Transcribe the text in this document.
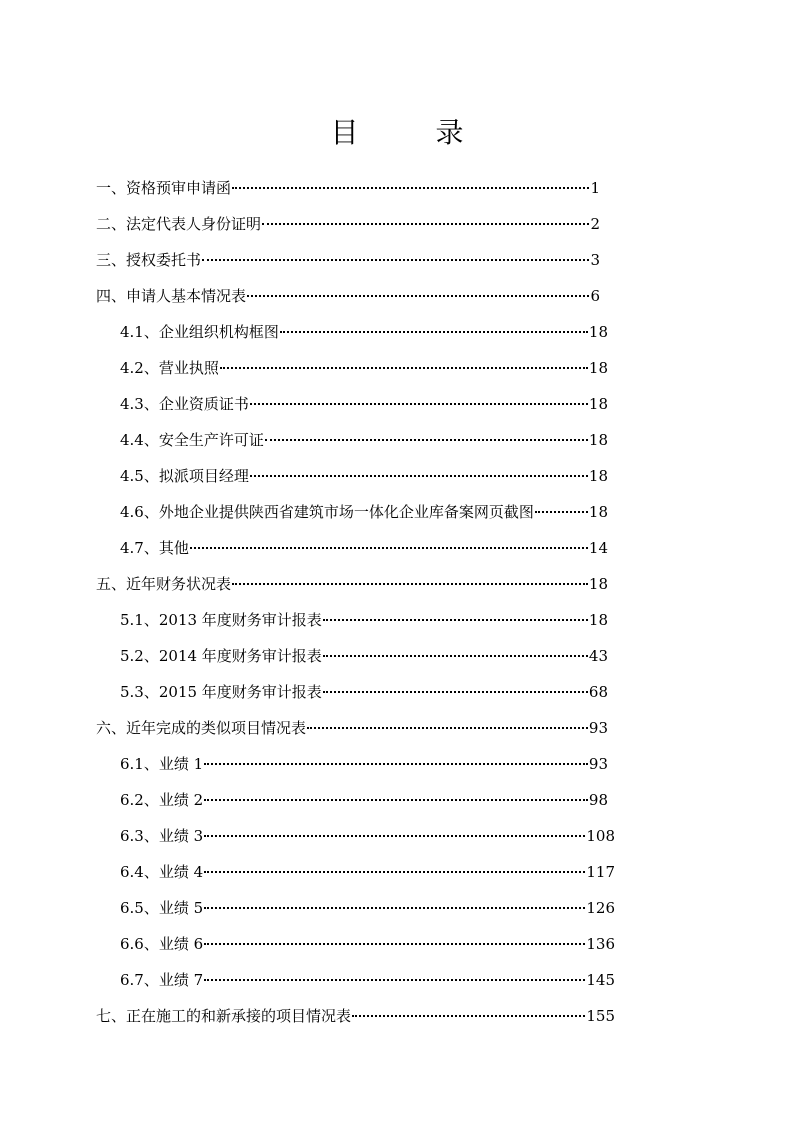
目 录
一、资格预审申请函	1
二、法定代表人身份证明	2
三、授权委托书	3
四、申请人基本情况表	6
4.1、企业组织机构框图	18
4.2、营业执照	18
4.3、企业资质证书	18
4.4、安全生产许可证	18
4.5、拟派项目经理	18
4.6、外地企业提供陕西省建筑市场一体化企业库备案网页截图	18
4.7、其他	14
五、近年财务状况表	18
5.1、2013 年度财务审计报表	18
5.2、2014 年度财务审计报表	43
5.3、2015 年度财务审计报表	68
六、近年完成的类似项目情况表	93
6.1、业绩 1	93
6.2、业绩 2	98
6.3、业绩 3	108
6.4、业绩 4	117
6.5、业绩 5	126
6.6、业绩 6	136
6.7、业绩 7	145
七、正在施工的和新承接的项目情况表	155
